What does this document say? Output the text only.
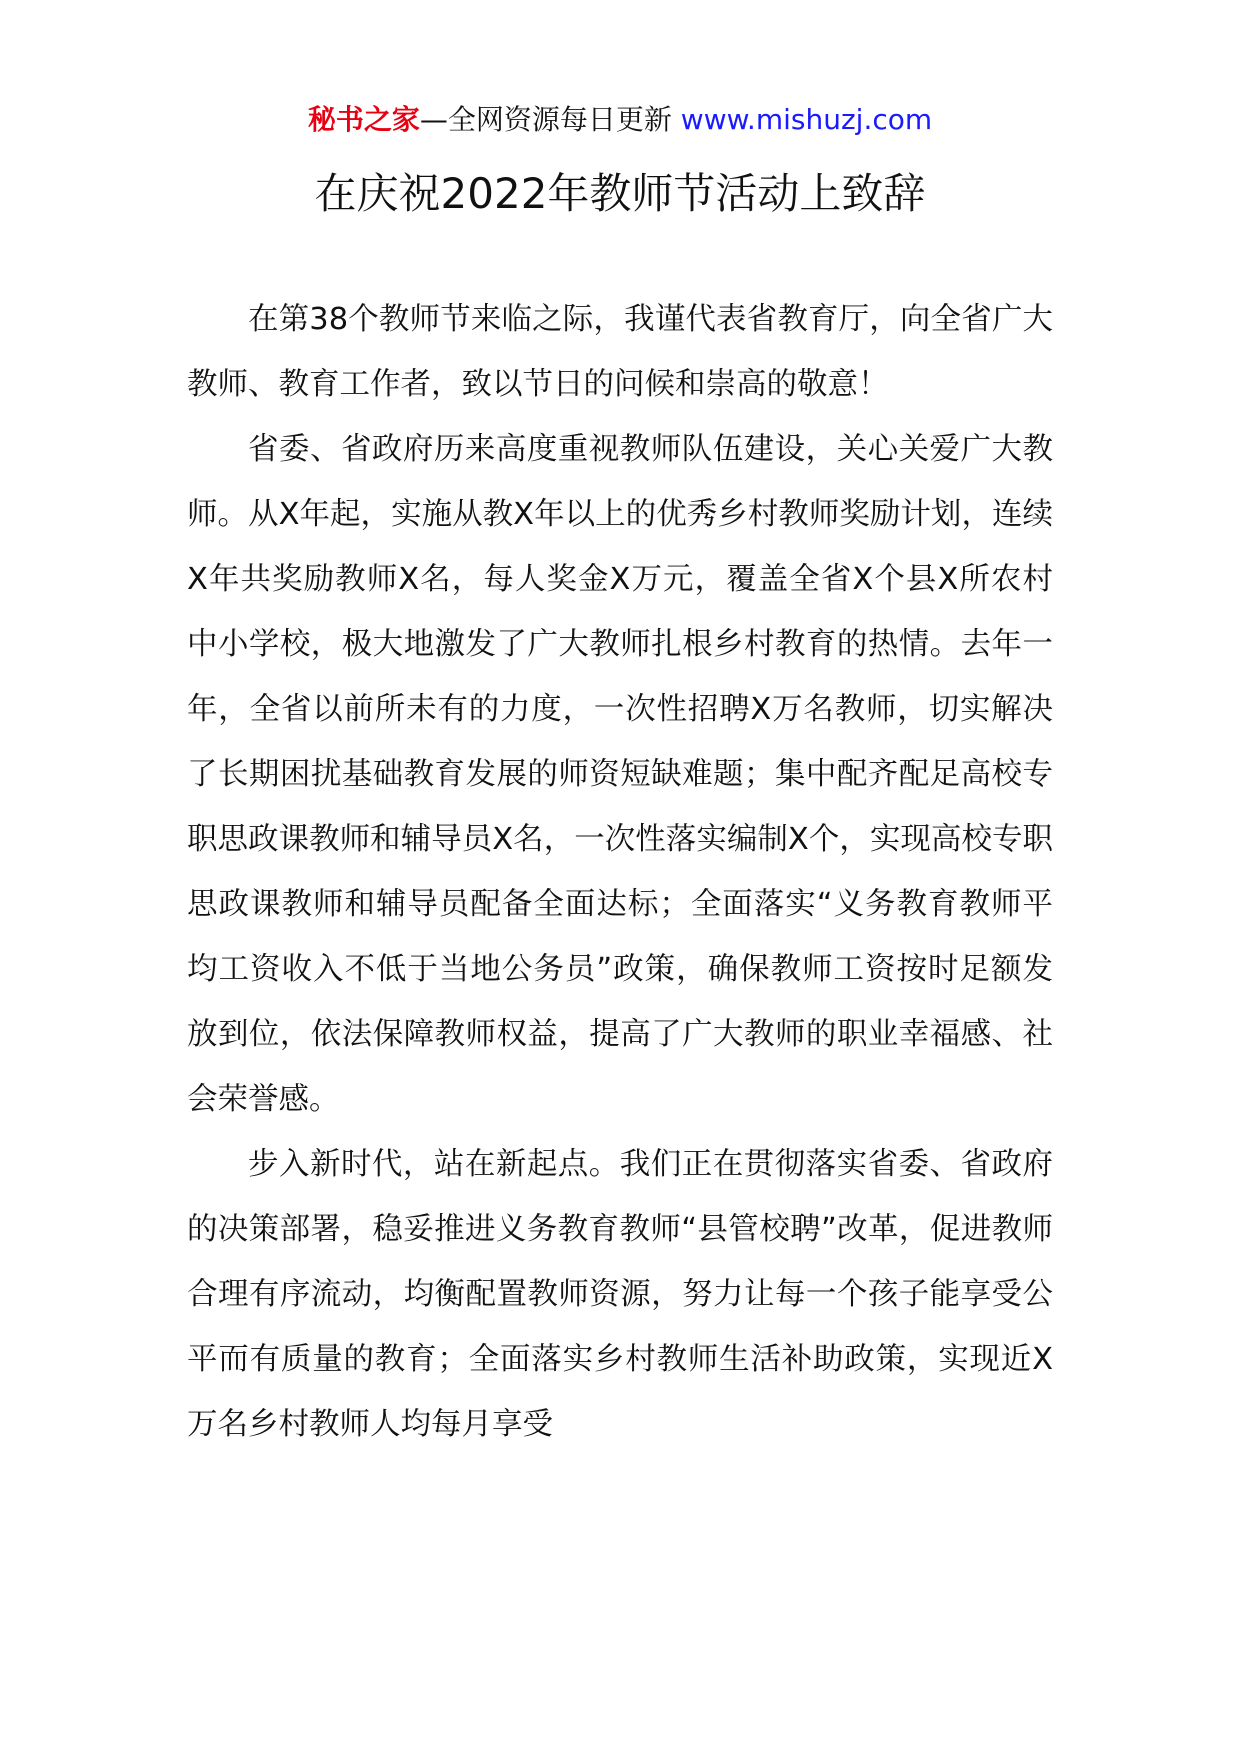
秘书之家—全网资源每日更新 www.mishuzj.com
在庆祝2022年教师节活动上致辞

在第38个教师节来临之际，我谨代表省教育厅，向全省广大教师、教育工作者，致以节日的问候和崇高的敬意！

省委、省政府历来高度重视教师队伍建设，关心关爱广大教师。从X年起，实施从教X年以上的优秀乡村教师奖励计划，连续X年共奖励教师X名，每人奖金X万元，覆盖全省X个县X所农村中小学校，极大地激发了广大教师扎根乡村教育的热情。去年一年，全省以前所未有的力度，一次性招聘X万名教师，切实解决了长期困扰基础教育发展的师资短缺难题；集中配齐配足高校专职思政课教师和辅导员X名，一次性落实编制X个，实现高校专职思政课教师和辅导员配备全面达标；全面落实“义务教育教师平均工资收入不低于当地公务员”政策，确保教师工资按时足额发放到位，依法保障教师权益，提高了广大教师的职业幸福感、社会荣誉感。

步入新时代，站在新起点。我们正在贯彻落实省委、省政府的决策部署，稳妥推进义务教育教师“县管校聘”改革，促进教师合理有序流动，均衡配置教师资源，努力让每一个孩子能享受公平而有质量的教育；全面落实乡村教师生活补助政策，实现近X万名乡村教师人均每月享受
